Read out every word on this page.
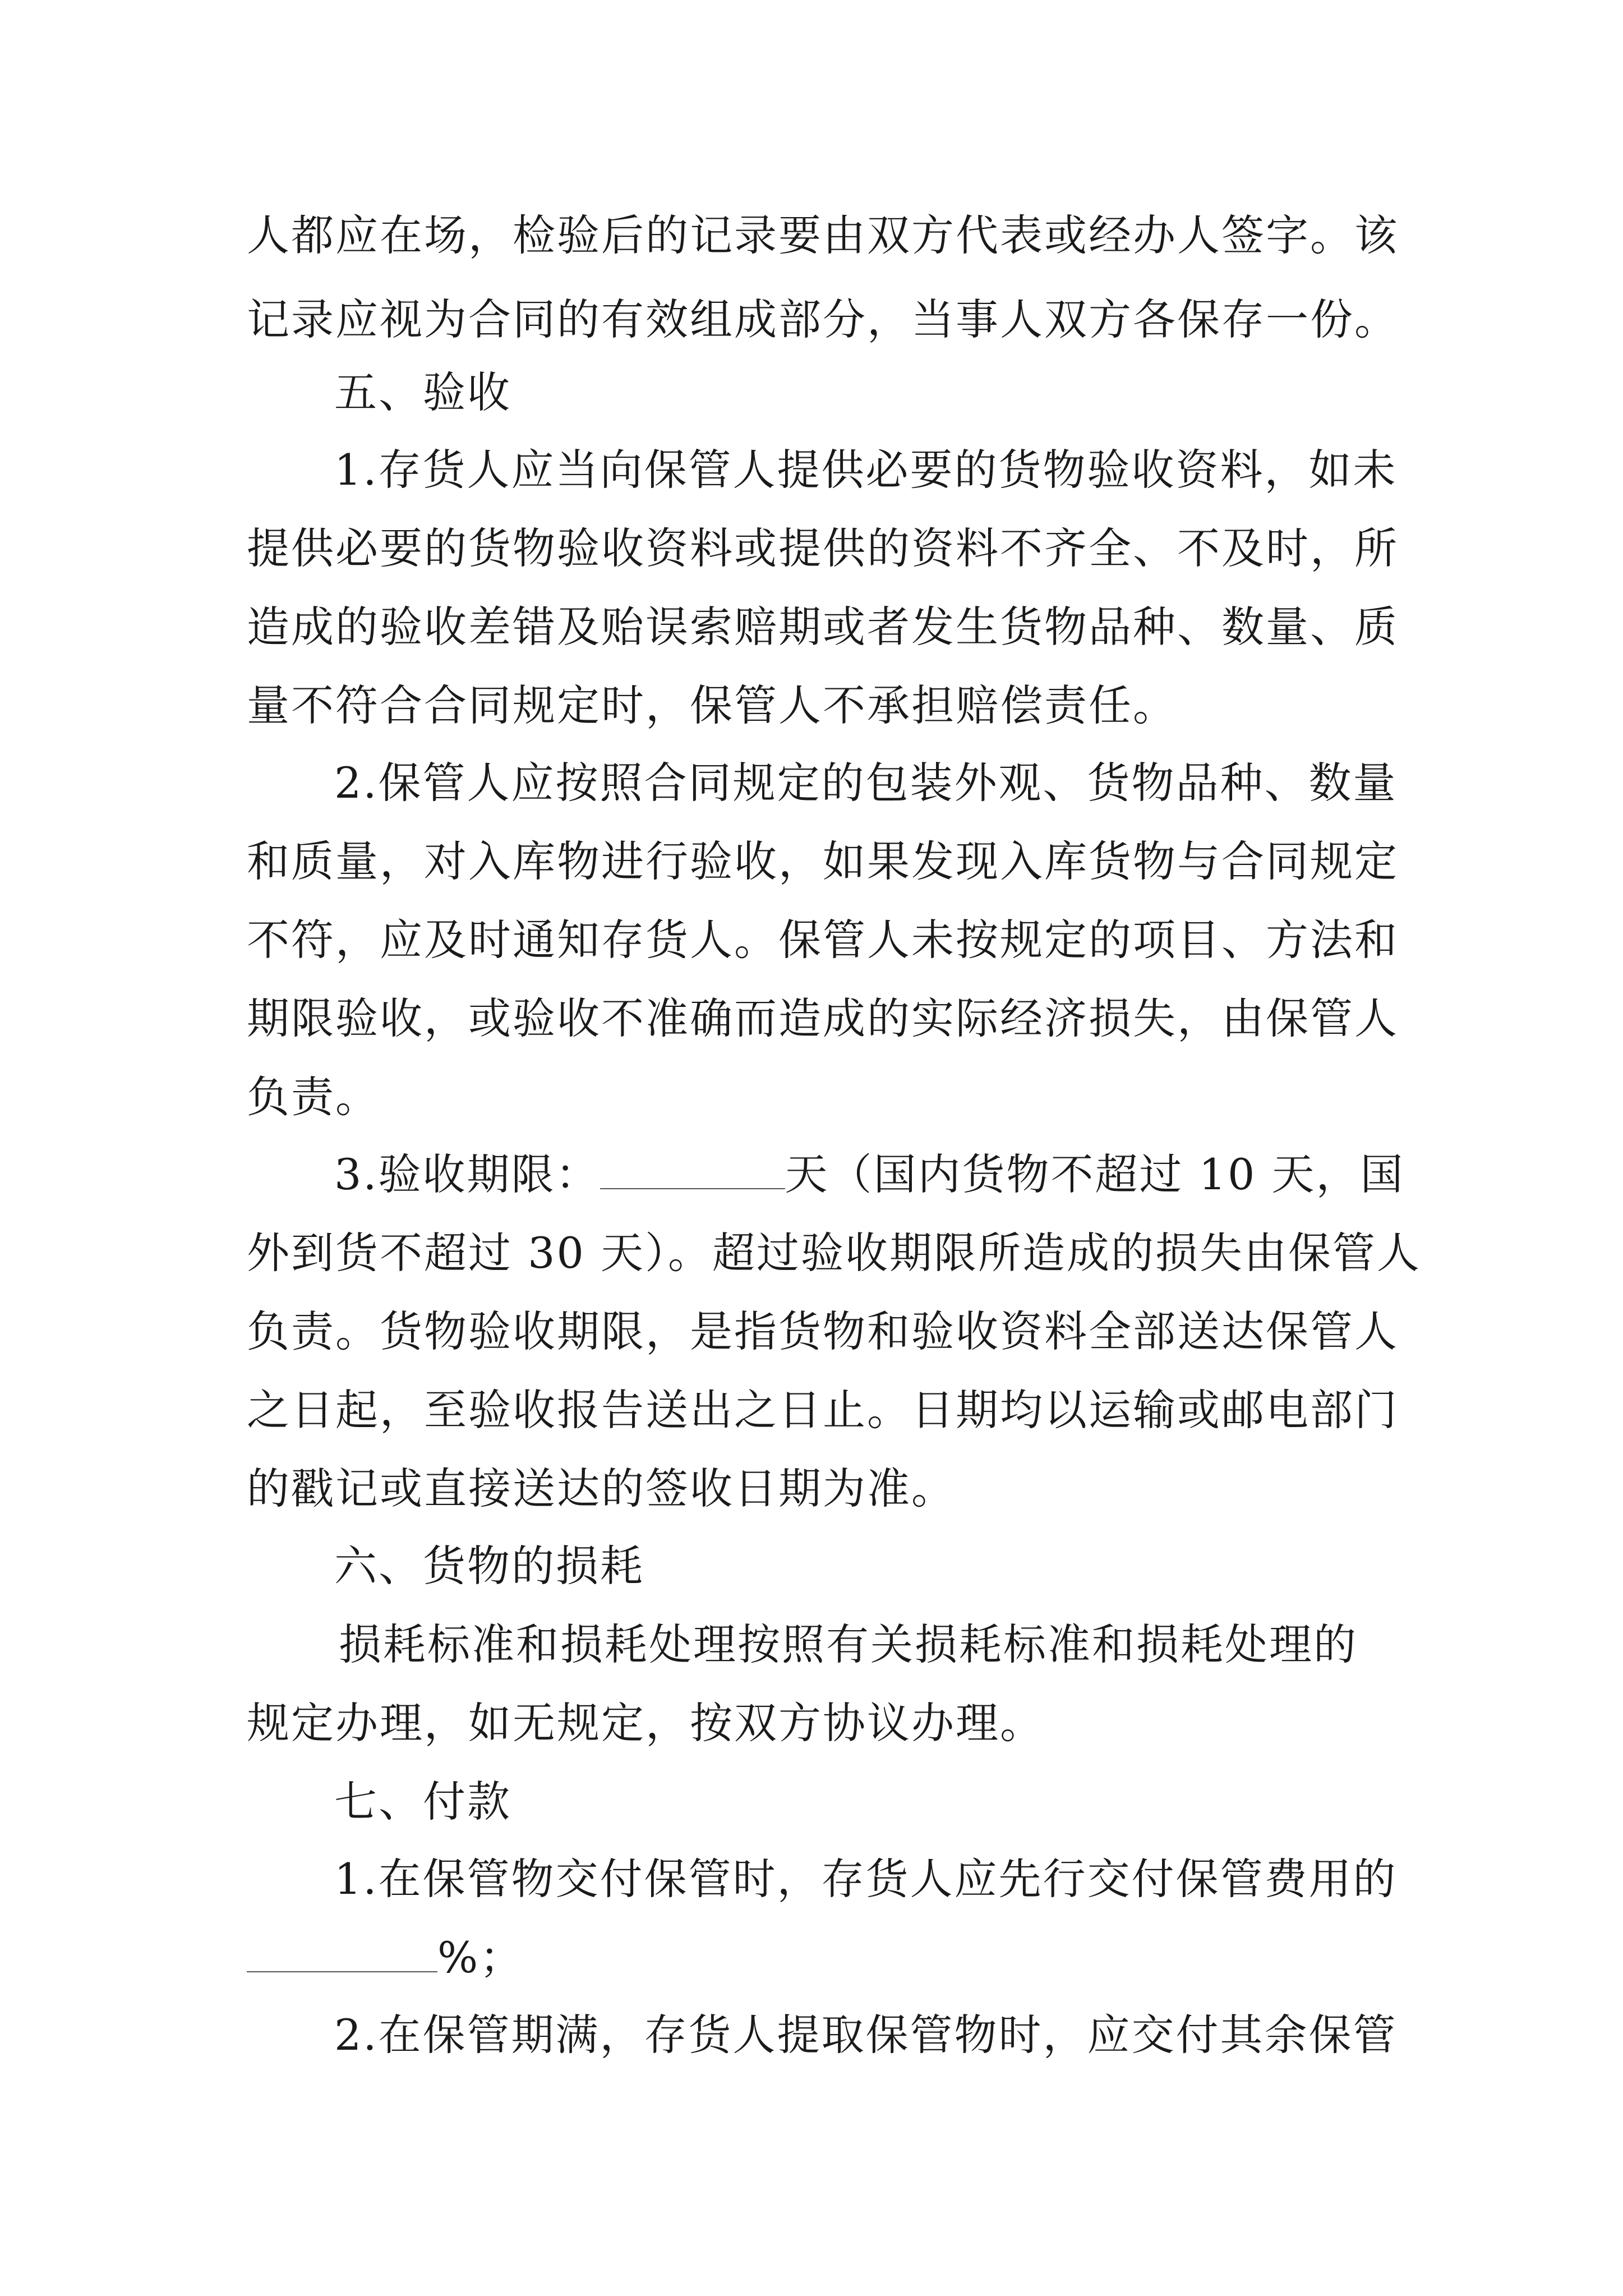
人都应在场，检验后的记录要由双方代表或经办人签字。该
记录应视为合同的有效组成部分，当事人双方各保存一份。
五、验收
1.存货人应当向保管人提供必要的货物验收资料，如未
提供必要的货物验收资料或提供的资料不齐全、不及时，所
造成的验收差错及贻误索赔期或者发生货物品种、数量、质
量不符合合同规定时，保管人不承担赔偿责任。
2.保管人应按照合同规定的包装外观、货物品种、数量
和质量，对入库物进行验收，如果发现入库货物与合同规定
不符，应及时通知存货人。保管人未按规定的项目、方法和
期限验收，或验收不准确而造成的实际经济损失，由保管人
负责。
3.验收期限：	天（国内货物不超过 10 天，国
外到货不超过 30 天）。超过验收期限所造成的损失由保管人
负责。货物验收期限，是指货物和验收资料全部送达保管人
之日起，至验收报告送出之日止。日期均以运输或邮电部门
的戳记或直接送达的签收日期为准。
六、货物的损耗
损耗标准和损耗处理按照有关损耗标准和损耗处理的
规定办理，如无规定，按双方协议办理。
七、付款
1.在保管物交付保管时，存货人应先行交付保管费用的
%；
2.在保管期满，存货人提取保管物时，应交付其余保管
